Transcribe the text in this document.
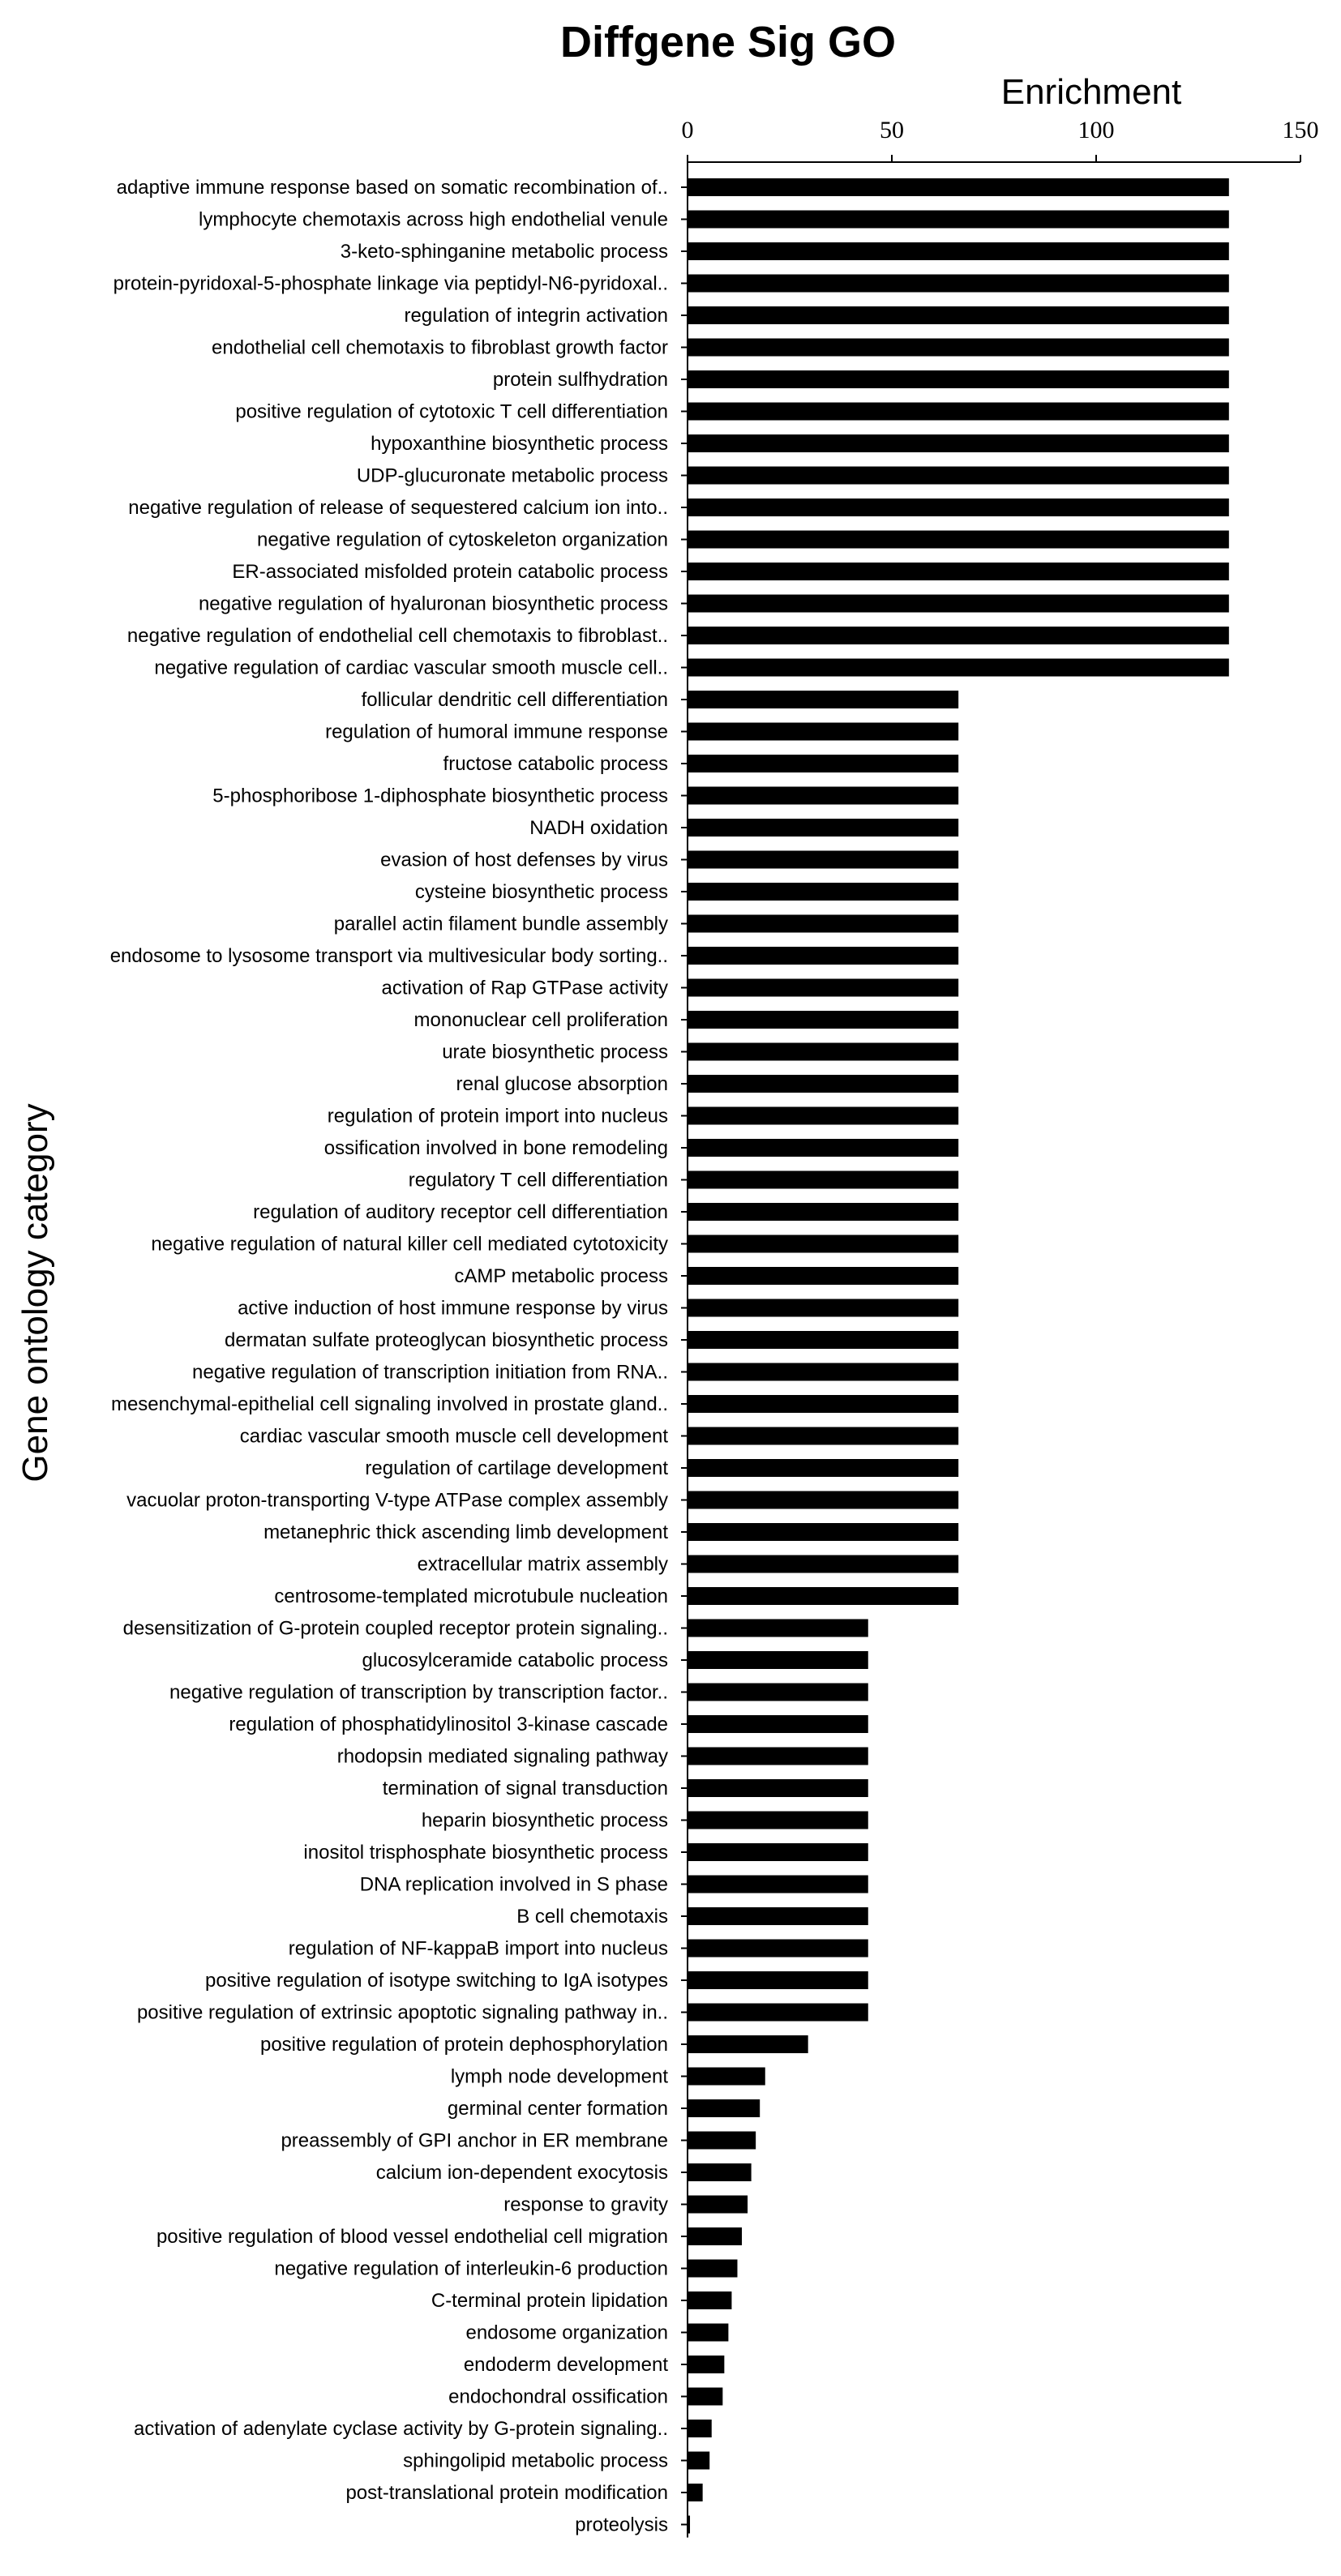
Diffgene Sig GO
Enrichment
Gene ontology category
0	50	100	150
adaptive immune response based on somatic recombination of..
lymphocyte chemotaxis across high endothelial venule
3-keto-sphinganine metabolic process
protein-pyridoxal-5-phosphate linkage via peptidyl-N6-pyridoxal..
regulation of integrin activation
endothelial cell chemotaxis to fibroblast growth factor
protein sulfhydration
positive regulation of cytotoxic T cell differentiation
hypoxanthine biosynthetic process
UDP-glucuronate metabolic process
negative regulation of release of sequestered calcium ion into..
negative regulation of cytoskeleton organization
ER-associated misfolded protein catabolic process
negative regulation of hyaluronan biosynthetic process
negative regulation of endothelial cell chemotaxis to fibroblast..
negative regulation of cardiac vascular smooth muscle cell..
follicular dendritic cell differentiation
regulation of humoral immune response
fructose catabolic process
5-phosphoribose 1-diphosphate biosynthetic process
NADH oxidation
evasion of host defenses by virus
cysteine biosynthetic process
parallel actin filament bundle assembly
endosome to lysosome transport via multivesicular body sorting..
activation of Rap GTPase activity
mononuclear cell proliferation
urate biosynthetic process
renal glucose absorption
regulation of protein import into nucleus
ossification involved in bone remodeling
regulatory T cell differentiation
regulation of auditory receptor cell differentiation
negative regulation of natural killer cell mediated cytotoxicity
cAMP metabolic process
active induction of host immune response by virus
dermatan sulfate proteoglycan biosynthetic process
negative regulation of transcription initiation from RNA..
mesenchymal-epithelial cell signaling involved in prostate gland..
cardiac vascular smooth muscle cell development
regulation of cartilage development
vacuolar proton-transporting V-type ATPase complex assembly
metanephric thick ascending limb development
extracellular matrix assembly
centrosome-templated microtubule nucleation
desensitization of G-protein coupled receptor protein signaling..
glucosylceramide catabolic process
negative regulation of transcription by transcription factor..
regulation of phosphatidylinositol 3-kinase cascade
rhodopsin mediated signaling pathway
termination of signal transduction
heparin biosynthetic process
inositol trisphosphate biosynthetic process
DNA replication involved in S phase
B cell chemotaxis
regulation of NF-kappaB import into nucleus
positive regulation of isotype switching to IgA isotypes
positive regulation of extrinsic apoptotic signaling pathway in..
positive regulation of protein dephosphorylation
lymph node development
germinal center formation
preassembly of GPI anchor in ER membrane
calcium ion-dependent exocytosis
response to gravity
positive regulation of blood vessel endothelial cell migration
negative regulation of interleukin-6 production
C-terminal protein lipidation
endosome organization
endoderm development
endochondral ossification
activation of adenylate cyclase activity by G-protein signaling..
sphingolipid metabolic process
post-translational protein modification
proteolysis
